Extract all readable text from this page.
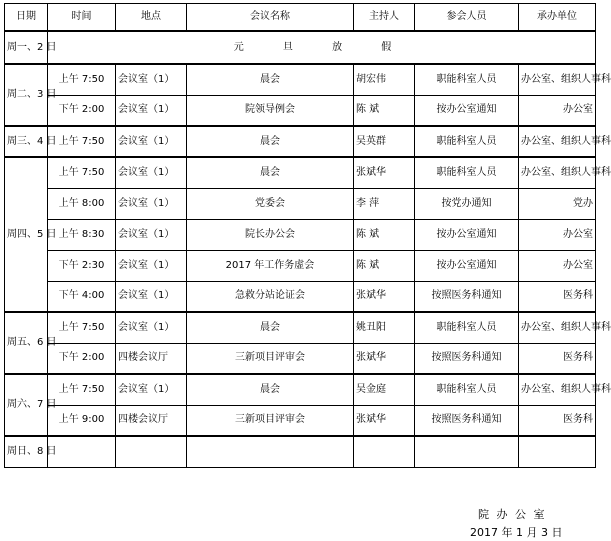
日期	时间	地点	会议名称	主持人	参会人员	承办单位
周一、2 日	元 旦 放 假					
周二、3 日	上午 7:50	会议室（1）	晨会	胡宏伟	职能科室人员	办公室、组织人事科
	下午 2:00	会议室（1）	院领导例会	陈 斌	按办公室通知	办公室
周三、4 日	上午 7:50	会议室（1）	晨会	吴英群	职能科室人员	办公室、组织人事科
周四、5 日	上午 7:50	会议室（1）	晨会	张斌华	职能科室人员	办公室、组织人事科
	上午 8:00	会议室（1）	党委会	李 萍	按党办通知	党办
	上午 8:30	会议室（1）	院长办公会	陈 斌	按办公室通知	办公室
	下午 2:30	会议室（1）	2017 年工作务虚会	陈 斌	按办公室通知	办公室
	下午 4:00	会议室（1）	急救分站论证会	张斌华	按照医务科通知	医务科
周五、6 日	上午 7:50	会议室（1）	晨会	姚丑阳	职能科室人员	办公室、组织人事科
	下午 2:00	四楼会议厅	三新项目评审会	张斌华	按照医务科通知	医务科
周六、7 日	上午 7:50	会议室（1）	晨会	吴金庭	职能科室人员	办公室、组织人事科
	上午 9:00	四楼会议厅	三新项目评审会	张斌华	按照医务科通知	医务科
周日、8 日						
院 办 公 室
2017 年 1 月 3 日
